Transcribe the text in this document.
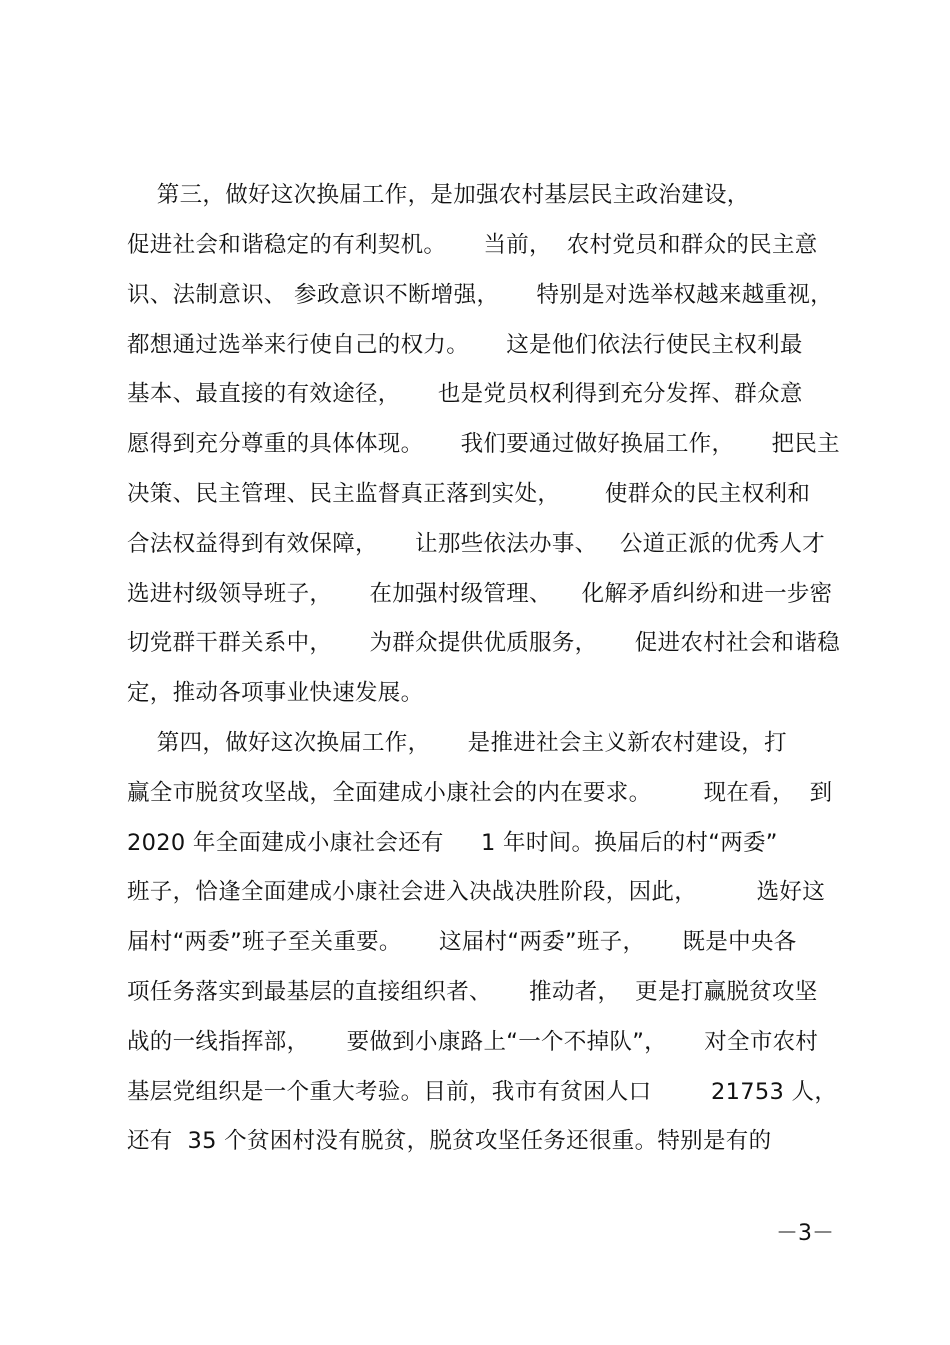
第三，做好这次换届工作，是加强农村基层民主政治建设，
促进社会和谐稳定的有利契机。     当前，  农村党员和群众的民主意
识、法制意识、 参政意识不断增强，     特别是对选举权越来越重视，
都想通过选举来行使自己的权力。     这是他们依法行使民主权利最
基本、最直接的有效途径，     也是党员权利得到充分发挥、群众意
愿得到充分尊重的具体体现。     我们要通过做好换届工作，     把民主
决策、民主管理、民主监督真正落到实处，      使群众的民主权利和
合法权益得到有效保障，     让那些依法办事、   公道正派的优秀人才
选进村级领导班子，     在加强村级管理、    化解矛盾纠纷和进一步密
切党群干群关系中，     为群众提供优质服务，     促进农村社会和谐稳
定，推动各项事业快速发展。
第四，做好这次换届工作，     是推进社会主义新农村建设，打
赢全市脱贫攻坚战，全面建成小康社会的内在要求。       现在看，  到
2020 年全面建成小康社会还有     1 年时间。换届后的村“两委”
班子，恰逢全面建成小康社会进入决战决胜阶段，因此，        选好这
届村“两委”班子至关重要。     这届村“两委”班子，     既是中央各
项任务落实到最基层的直接组织者、     推动者，  更是打赢脱贫攻坚
战的一线指挥部，     要做到小康路上“一个不掉队”，     对全市农村
基层党组织是一个重大考验。目前，我市有贫困人口        21753 人，
还有  35 个贫困村没有脱贫，脱贫攻坚任务还很重。特别是有的
－3－
